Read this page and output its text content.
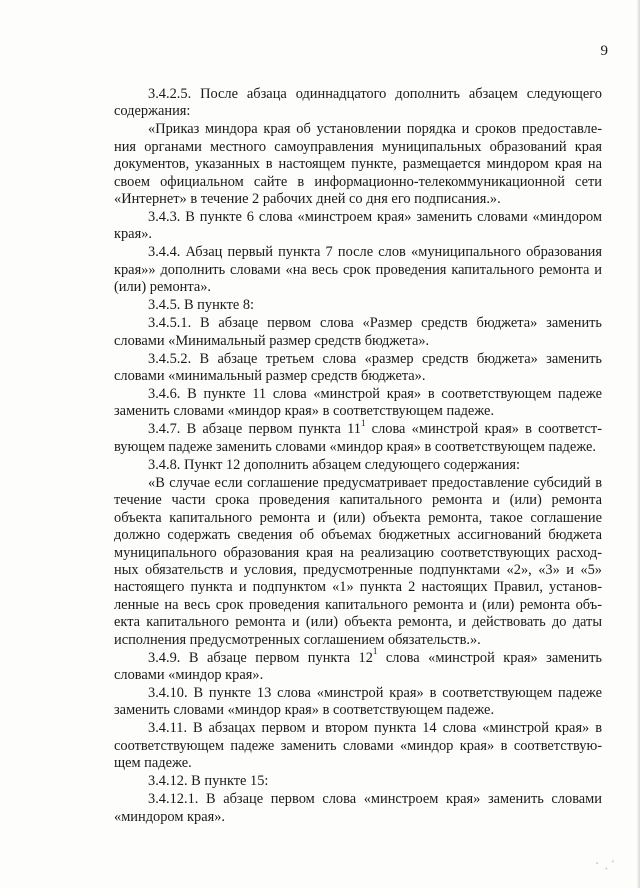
9

3.4.2.5. После абзаца одиннадцатого дополнить абзацем следующего содержания:

«Приказ миндора края об установлении порядка и сроков предоставления органами местного самоуправления муниципальных образований края документов, указанных в настоящем пункте, размещается миндором края на своем официальном сайте в информационно-телекоммуникационной сети «Интернет» в течение 2 рабочих дней со дня его подписания.».

3.4.3. В пункте 6 слова «минстроем края» заменить словами «миндором края».

3.4.4. Абзац первый пункта 7 после слов «муниципального образования края»» дополнить словами «на весь срок проведения капитального ремонта и (или) ремонта».

3.4.5. В пункте 8:

3.4.5.1. В абзаце первом слова «Размер средств бюджета» заменить словами «Минимальный размер средств бюджета».

3.4.5.2. В абзаце третьем слова «размер средств бюджета» заменить словами «минимальный размер средств бюджета».

3.4.6. В пункте 11 слова «минстрой края» в соответствующем падеже заменить словами «миндор края» в соответствующем падеже.

3.4.7. В абзаце первом пункта $11^1$ слова «минстрой края» в соответствующем падеже заменить словами «миндор края» в соответствующем падеже.

3.4.8. Пункт 12 дополнить абзацем следующего содержания:

«В случае если соглашение предусматривает предоставление субсидий в течение части срока проведения капитального ремонта и (или) ремонта объекта капитального ремонта и (или) объекта ремонта, такое соглашение должно содержать сведения об объемах бюджетных ассигнований бюджета муниципального образования края на реализацию соответствующих расходных обязательств и условия, предусмотренные подпунктами «2», «3» и «5» настоящего пункта и подпунктом «1» пункта 2 настоящих Правил, установленные на весь срок проведения капитального ремонта и (или) ремонта объекта капитального ремонта и (или) объекта ремонта, и действовать до даты исполнения предусмотренных соглашением обязательств.».

3.4.9. В абзаце первом пункта $12^1$ слова «минстрой края» заменить словами «миндор края».

3.4.10. В пункте 13 слова «минстрой края» в соответствующем падеже заменить словами «миндор края» в соответствующем падеже.

3.4.11. В абзацах первом и втором пункта 14 слова «минстрой края» в соответствующем падеже заменить словами «миндор края» в соответствующем падеже.

3.4.12. В пункте 15:

3.4.12.1. В абзаце первом слова «минстроем края» заменить словами «миндором края».
